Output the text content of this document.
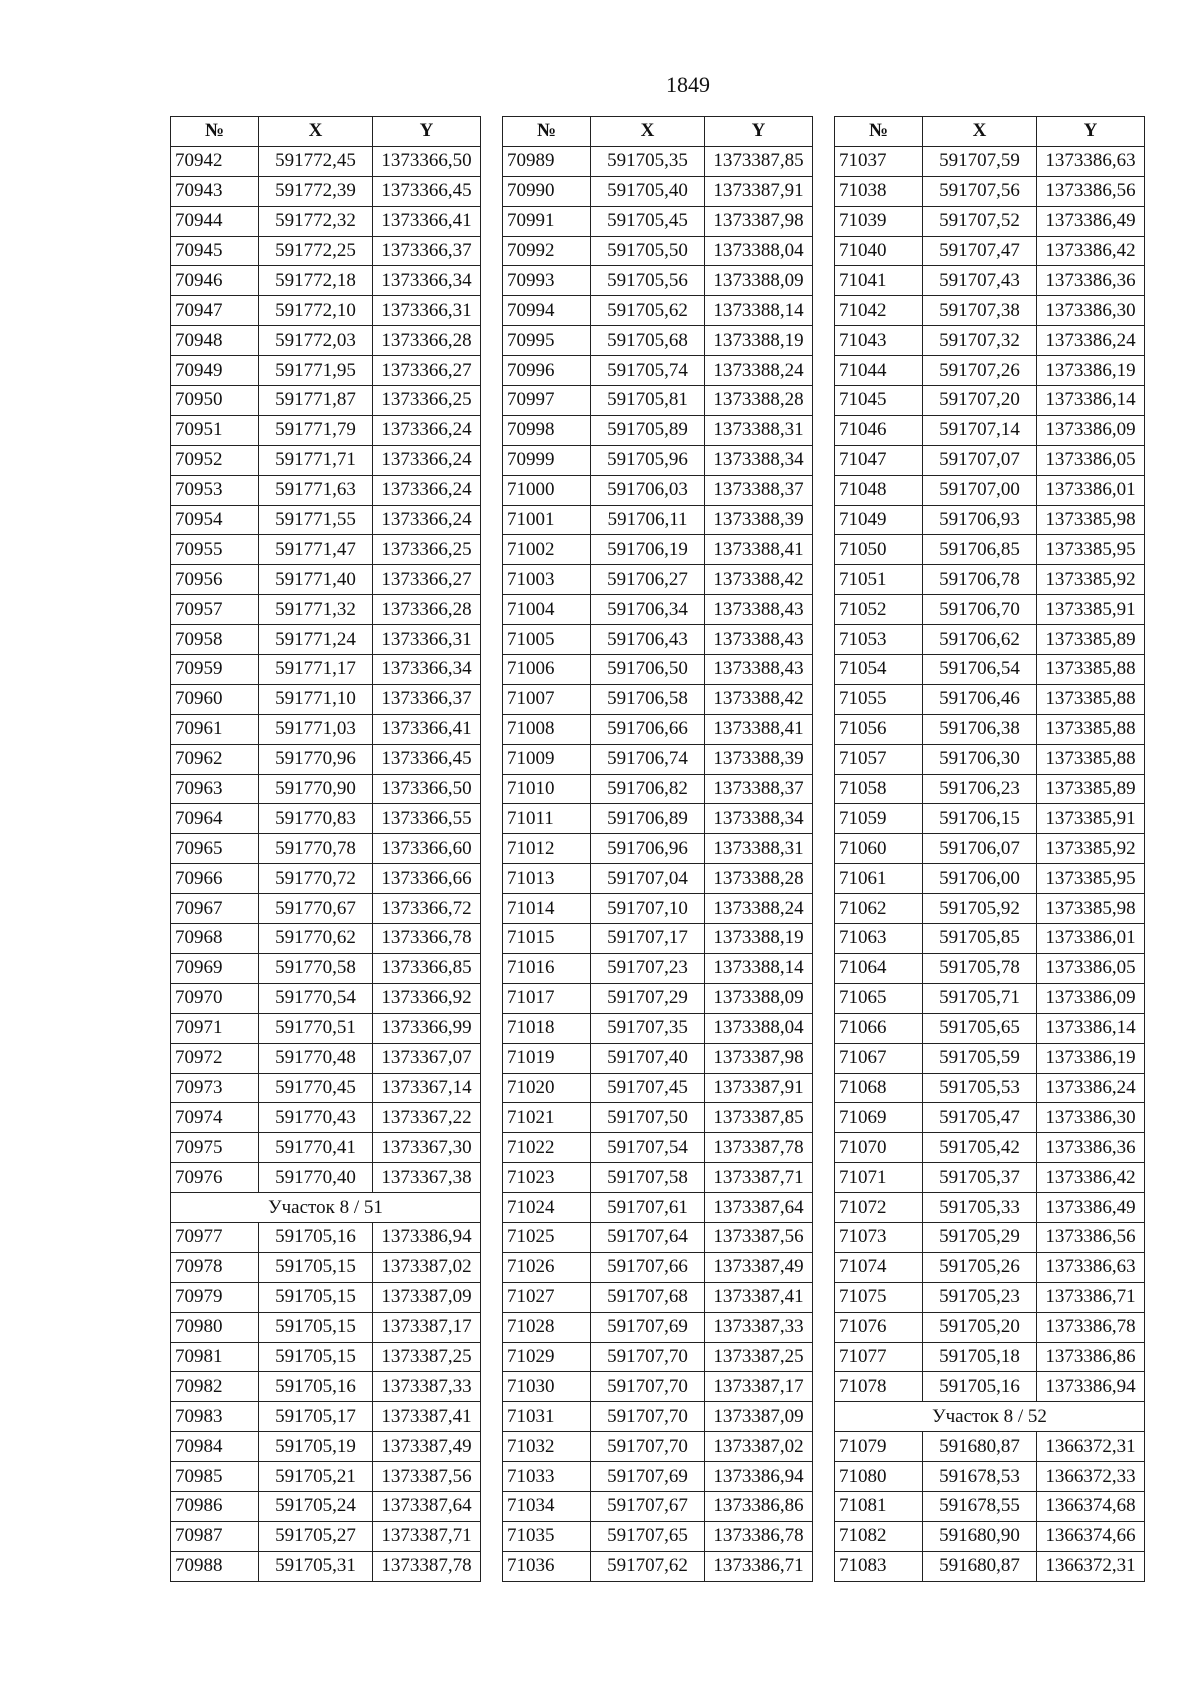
1849
№	X	Y
70942	591772,45	1373366,50
70943	591772,39	1373366,45
70944	591772,32	1373366,41
70945	591772,25	1373366,37
70946	591772,18	1373366,34
70947	591772,10	1373366,31
70948	591772,03	1373366,28
70949	591771,95	1373366,27
70950	591771,87	1373366,25
70951	591771,79	1373366,24
70952	591771,71	1373366,24
70953	591771,63	1373366,24
70954	591771,55	1373366,24
70955	591771,47	1373366,25
70956	591771,40	1373366,27
70957	591771,32	1373366,28
70958	591771,24	1373366,31
70959	591771,17	1373366,34
70960	591771,10	1373366,37
70961	591771,03	1373366,41
70962	591770,96	1373366,45
70963	591770,90	1373366,50
70964	591770,83	1373366,55
70965	591770,78	1373366,60
70966	591770,72	1373366,66
70967	591770,67	1373366,72
70968	591770,62	1373366,78
70969	591770,58	1373366,85
70970	591770,54	1373366,92
70971	591770,51	1373366,99
70972	591770,48	1373367,07
70973	591770,45	1373367,14
70974	591770,43	1373367,22
70975	591770,41	1373367,30
70976	591770,40	1373367,38
Участок 8 / 51		
70977	591705,16	1373386,94
70978	591705,15	1373387,02
70979	591705,15	1373387,09
70980	591705,15	1373387,17
70981	591705,15	1373387,25
70982	591705,16	1373387,33
70983	591705,17	1373387,41
70984	591705,19	1373387,49
70985	591705,21	1373387,56
70986	591705,24	1373387,64
70987	591705,27	1373387,71
70988	591705,31	1373387,78
№	X	Y
70989	591705,35	1373387,85
70990	591705,40	1373387,91
70991	591705,45	1373387,98
70992	591705,50	1373388,04
70993	591705,56	1373388,09
70994	591705,62	1373388,14
70995	591705,68	1373388,19
70996	591705,74	1373388,24
70997	591705,81	1373388,28
70998	591705,89	1373388,31
70999	591705,96	1373388,34
71000	591706,03	1373388,37
71001	591706,11	1373388,39
71002	591706,19	1373388,41
71003	591706,27	1373388,42
71004	591706,34	1373388,43
71005	591706,43	1373388,43
71006	591706,50	1373388,43
71007	591706,58	1373388,42
71008	591706,66	1373388,41
71009	591706,74	1373388,39
71010	591706,82	1373388,37
71011	591706,89	1373388,34
71012	591706,96	1373388,31
71013	591707,04	1373388,28
71014	591707,10	1373388,24
71015	591707,17	1373388,19
71016	591707,23	1373388,14
71017	591707,29	1373388,09
71018	591707,35	1373388,04
71019	591707,40	1373387,98
71020	591707,45	1373387,91
71021	591707,50	1373387,85
71022	591707,54	1373387,78
71023	591707,58	1373387,71
71024	591707,61	1373387,64
71025	591707,64	1373387,56
71026	591707,66	1373387,49
71027	591707,68	1373387,41
71028	591707,69	1373387,33
71029	591707,70	1373387,25
71030	591707,70	1373387,17
71031	591707,70	1373387,09
71032	591707,70	1373387,02
71033	591707,69	1373386,94
71034	591707,67	1373386,86
71035	591707,65	1373386,78
71036	591707,62	1373386,71
№	X	Y
71037	591707,59	1373386,63
71038	591707,56	1373386,56
71039	591707,52	1373386,49
71040	591707,47	1373386,42
71041	591707,43	1373386,36
71042	591707,38	1373386,30
71043	591707,32	1373386,24
71044	591707,26	1373386,19
71045	591707,20	1373386,14
71046	591707,14	1373386,09
71047	591707,07	1373386,05
71048	591707,00	1373386,01
71049	591706,93	1373385,98
71050	591706,85	1373385,95
71051	591706,78	1373385,92
71052	591706,70	1373385,91
71053	591706,62	1373385,89
71054	591706,54	1373385,88
71055	591706,46	1373385,88
71056	591706,38	1373385,88
71057	591706,30	1373385,88
71058	591706,23	1373385,89
71059	591706,15	1373385,91
71060	591706,07	1373385,92
71061	591706,00	1373385,95
71062	591705,92	1373385,98
71063	591705,85	1373386,01
71064	591705,78	1373386,05
71065	591705,71	1373386,09
71066	591705,65	1373386,14
71067	591705,59	1373386,19
71068	591705,53	1373386,24
71069	591705,47	1373386,30
71070	591705,42	1373386,36
71071	591705,37	1373386,42
71072	591705,33	1373386,49
71073	591705,29	1373386,56
71074	591705,26	1373386,63
71075	591705,23	1373386,71
71076	591705,20	1373386,78
71077	591705,18	1373386,86
71078	591705,16	1373386,94
Участок 8 / 52		
71079	591680,87	1366372,31
71080	591678,53	1366372,33
71081	591678,55	1366374,68
71082	591680,90	1366374,66
71083	591680,87	1366372,31
